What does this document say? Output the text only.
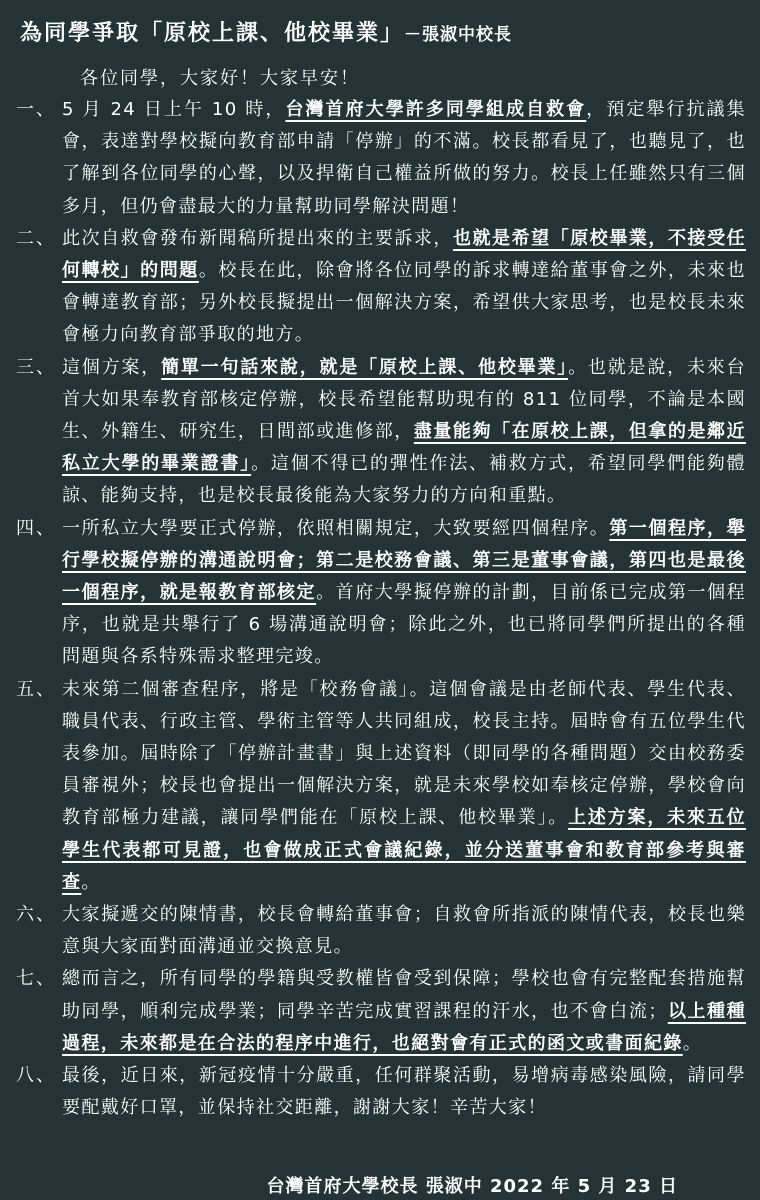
為同學爭取「原校上課、他校畢業」－張淑中校長
各位同學，大家好！大家早安！
一、 5 月 24 日上午 10 時，台灣首府大學許多同學組成自救會，預定舉行抗議集會，表達對學校擬向教育部申請「停辦」的不滿。校長都看見了，也聽見了，也了解到各位同學的心聲，以及捍衛自己權益所做的努力。校長上任雖然只有三個多月，但仍會盡最大的力量幫助同學解決問題！
二、 此次自救會發布新聞稿所提出來的主要訴求，也就是希望「原校畢業，不接受任何轉校」的問題。校長在此，除會將各位同學的訴求轉達給董事會之外，未來也會轉達教育部；另外校長擬提出一個解決方案，希望供大家思考，也是校長未來會極力向教育部爭取的地方。
三、 這個方案，簡單一句話來說，就是「原校上課、他校畢業」。也就是說，未來台首大如果奉教育部核定停辦，校長希望能幫助現有的 811 位同學，不論是本國生、外籍生、研究生，日間部或進修部，盡量能夠「在原校上課，但拿的是鄰近私立大學的畢業證書」。這個不得已的彈性作法、補救方式，希望同學們能夠體諒、能夠支持，也是校長最後能為大家努力的方向和重點。
四、 一所私立大學要正式停辦，依照相關規定，大致要經四個程序。第一個程序，舉行學校擬停辦的溝通說明會；第二是校務會議、第三是董事會議，第四也是最後一個程序，就是報教育部核定。首府大學擬停辦的計劃，目前係已完成第一個程序，也就是共舉行了 6 場溝通說明會；除此之外，也已將同學們所提出的各種問題與各系特殊需求整理完竣。
五、 未來第二個審查程序，將是「校務會議」。這個會議是由老師代表、學生代表、職員代表、行政主管、學術主管等人共同組成，校長主持。屆時會有五位學生代表參加。屆時除了「停辦計畫書」與上述資料（即同學的各種問題）交由校務委員審視外；校長也會提出一個解決方案，就是未來學校如奉核定停辦，學校會向教育部極力建議，讓同學們能在「原校上課、他校畢業」。上述方案，未來五位學生代表都可見證，也會做成正式會議紀錄，並分送董事會和教育部參考與審查。
六、 大家擬遞交的陳情書，校長會轉給董事會；自救會所指派的陳情代表，校長也樂意與大家面對面溝通並交換意見。
七、 總而言之，所有同學的學籍與受教權皆會受到保障；學校也會有完整配套措施幫助同學，順利完成學業；同學辛苦完成實習課程的汗水，也不會白流；以上種種過程，未來都是在合法的程序中進行，也絕對會有正式的函文或書面紀錄。
八、 最後，近日來，新冠疫情十分嚴重，任何群聚活動，易增病毒感染風險，請同學要配戴好口罩，並保持社交距離，謝謝大家！辛苦大家！
台灣首府大學校長 張淑中 2022 年 5 月 23 日
